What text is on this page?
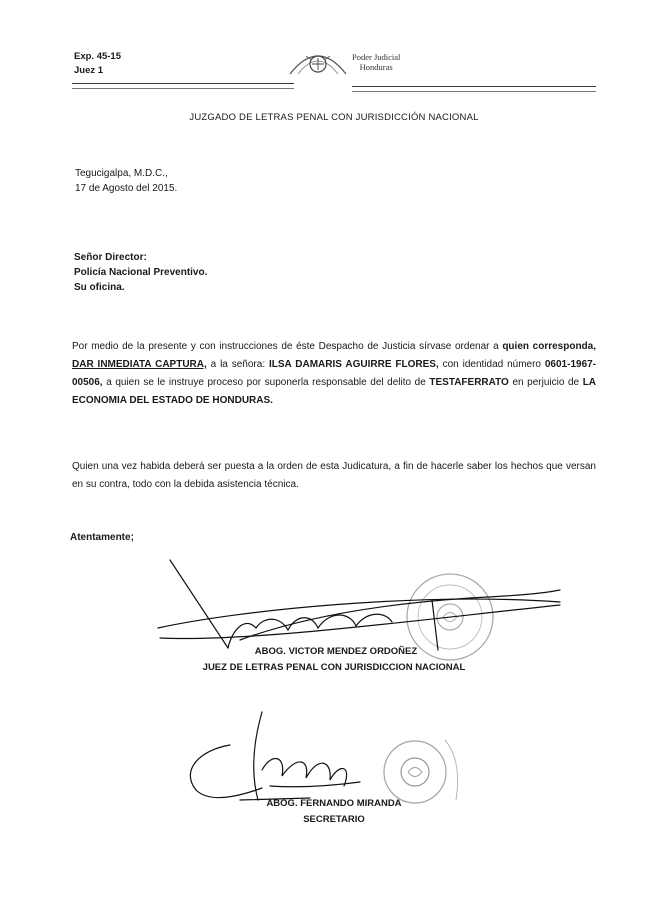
Exp. 45-15
Juez 1
Poder Judicial
Honduras
JUZGADO DE LETRAS PENAL CON JURISDICCIÓN NACIONAL
Tegucigalpa, M.D.C.,
17 de Agosto del 2015.
Señor Director:
Policía Nacional Preventivo.
Su oficina.
Por medio de la presente y con instrucciones de éste Despacho de Justicia sírvase ordenar a quien corresponda, DAR INMEDIATA CAPTURA, a la señora: ILSA DAMARIS AGUIRRE FLORES, con identidad número 0601-1967-00506, a quien se le instruye proceso por suponerla responsable del delito de TESTAFERRATO en perjuicio de LA ECONOMIA DEL ESTADO DE HONDURAS.
Quien una vez habida deberá ser puesta a la orden de esta Judicatura, a fin de hacerle saber los hechos que versan en su contra, todo con la debida asistencia técnica.
Atentamente;
ABOG. VICTOR MENDEZ ORDOÑEZ
JUEZ DE LETRAS PENAL CON JURISDICCION NACIONAL
ABOG. FERNANDO MIRANDA
SECRETARIO
